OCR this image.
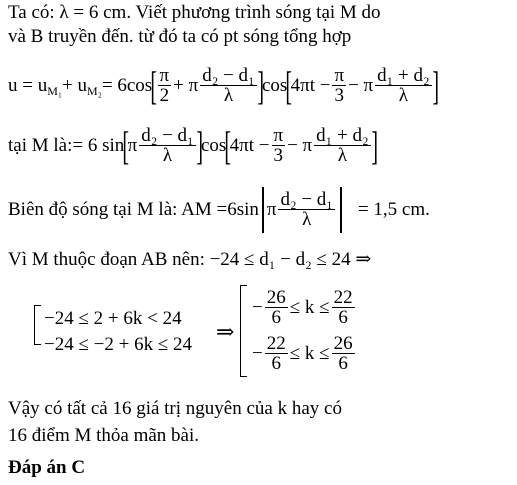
Ta có: λ = 6 cm. Viết phương trình sóng tại M do
và B truyền đến. từ đó ta có pt sóng tổng hợp
u = u M₁ + u M₂ = 6cos
[ $\frac{\pi}{2} + \pi \frac{\text{d₂ − d₁}}{\lambda}$ ]
cos
[
$4\pi t - \frac{\pi}{3} - \pi \frac{\text{d₁ + d₂}}{\lambda}$ ]
tại M là: = 6 sin
[
π $\frac{\text{d₂ − d₁}}{\lambda}$ ]
cos
[
$4\pi t - \frac{\pi}{3} - \pi \frac{\text{d₁ + d₂}}{\lambda}$ ]
Biên độ sóng tại M là: AM = 6sin π $\frac{\text{d₂ − d₁}}{\lambda} = 1,5$ cm.
Vì M thuộc đoạn AB nên: −24 ≤ d₁ − d₂ ≤ 24 ⇒
−24 ≤ 2 + 6k < 24
−24 ≤ −2 + 6k ≤ 24
⇒
− $\frac{26}{6} \le k \le \frac{22}{6}$
− $\frac{22}{6} \le k \le \frac{26}{6}$
Vậy có tất cả 16 giá trị nguyên của k hay có
16 điểm M thỏa mãn bài.
Đáp án C
